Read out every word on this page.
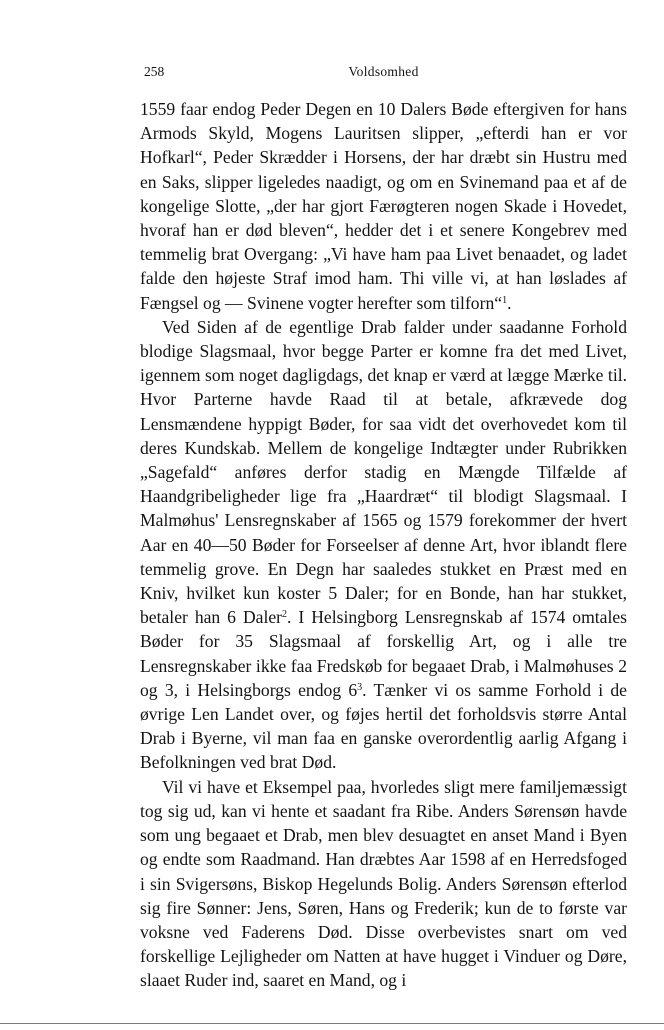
258	Voldsomhed

1559 faar endog Peder Degen en 10 Dalers Bøde eftergiven for hans Armods Skyld, Mogens Lauritsen slipper, „efterdi han er vor Hofkarl“, Peder Skrædder i Horsens, der har dræbt sin Hustru med en Saks, slipper ligeledes naadigt, og om en Svinemand paa et af de kongelige Slotte, „der har gjort Færøgteren nogen Skade i Hovedet, hvoraf han er død bleven“, hedder det i et senere Kongebrev med temmelig brat Overgang: „Vi have ham paa Livet benaadet, og ladet falde den højeste Straf imod ham. Thi ville vi, at han løslades af Fængsel og — Svinene vogter herefter som tilforn“$^1$.

Ved Siden af de egentlige Drab falder under saadanne Forhold blodige Slagsmaal, hvor begge Parter er komne fra det med Livet, igennem som noget dagligdags, det knap er værd at lægge Mærke til. Hvor Parterne havde Raad til at betale, afkrævede dog Lensmændene hyppigt Bøder, for saa vidt det overhovedet kom til deres Kundskab. Mellem de kongelige Indtægter under Rubrikken „Sagefald“ anføres derfor stadig en Mængde Tilfælde af Haandgribeligheder lige fra „Haardræt“ til blodigt Slagsmaal. I Malmøhus' Lensregnskaber af 1565 og 1579 forekommer der hvert Aar en 40—50 Bøder for Forseelser af denne Art, hvor iblandt flere temmelig grove. En Degn har saaledes stukket en Præst med en Kniv, hvilket kun koster 5 Daler; for en Bonde, han har stukket, betaler han 6 Daler$^2$. I Helsingborg Lensregnskab af 1574 omtales Bøder for 35 Slagsmaal af forskellig Art, og i alle tre Lensregnskaber ikke faa Fredskøb for begaaet Drab, i Malmøhuses 2 og 3, i Helsingborgs endog $6^3$. Tænker vi os samme Forhold i de øvrige Len Landet over, og føjes hertil det forholdsvis større Antal Drab i Byerne, vil man faa en ganske overordentlig aarlig Afgang i Befolkningen ved brat Død.

Vil vi have et Eksempel paa, hvorledes sligt mere familjemæssigt tog sig ud, kan vi hente et saadant fra Ribe. Anders Sørensøn havde som ung begaaet et Drab, men blev desuagtet en anset Mand i Byen og endte som Raadmand. Han dræbtes Aar 1598 af en Herredsfoged i sin Svigersøns, Biskop Hegelunds Bolig. Anders Sørensøn efterlod sig fire Sønner: Jens, Søren, Hans og Frederik; kun de to første var voksne ved Faderens Død. Disse overbevistes snart om ved forskellige Lejligheder om Natten at have hugget i Vinduer og Døre, slaaet Ruder ind, saaret en Mand, og i
